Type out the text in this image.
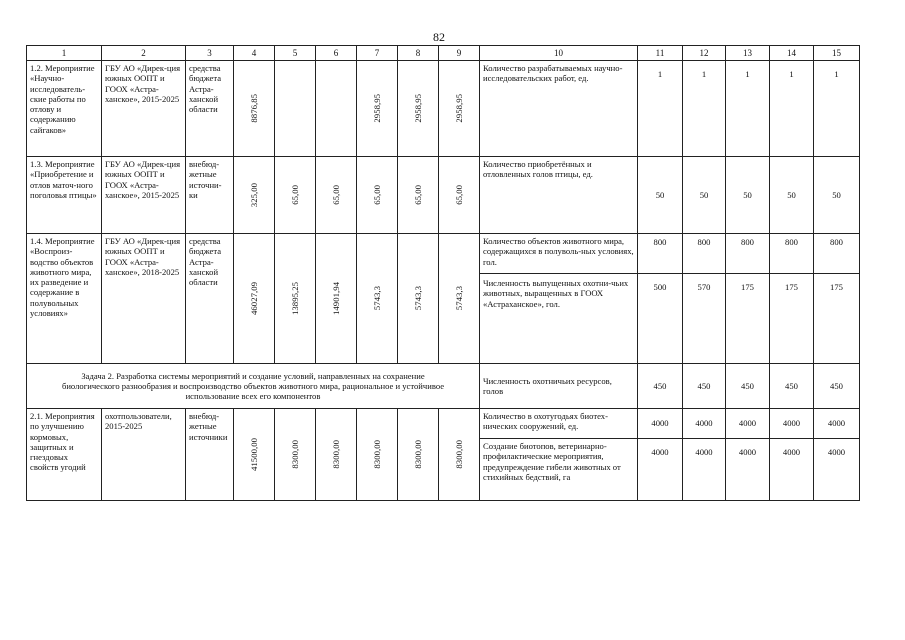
82
1	2	3	4	5	6	7	8	9	10	11	12	13	14	15
1.2. Мероприятие «Научно-исследователь-ские работы по отлову и содержанию сайгаков»	ГБУ АО «Дирек-ция южных ООПТ и ГООХ «Астра-ханское», 2015-2025	средства бюджета Астра-ханской области	8876,85			2958,95	2958,95	2958,95	Количество разрабатываемых научно-исследовательских работ, ед.	1	1	1	1	1
1.3. Мероприятие «Приобретение и отлов маточ-ного поголовья птицы»	ГБУ АО «Дирек-ция южных ООПТ и ГООХ «Астра-ханское», 2015-2025	внебюд-жетные источни-ки	325,00	65,00	65,00	65,00	65,00	65,00	Количество приобретённых и отловленных голов птицы, ед.	50	50	50	50	50
1.4. Мероприятие «Воспроиз-водство объектов животного мира, их разведение и содержание в полувольных условиях»	ГБУ АО «Дирек-ция южных ООПТ и ГООХ «Астра-ханское», 2018-2025	средства бюджета Астра-ханской области	46027,09	13895,25	14901,94	5743,3	5743,3	5743,3	Количество объектов животного мира, содержащихся в полуволь-ных условиях, гол.	800	800	800	800	800
									Численность выпущенных охотни-чьих животных, выращенных в ГООХ «Астраханское», гол.	500	570	175	175	175
Задача 2. Разработка системы мероприятий и создание условий, направленных на сохранение биологического разнообразия и воспроизводство объектов животного мира, рациональное и устойчивое использование всех его компонентов									Численность охотничьих ресурсов, голов	450	450	450	450	450
2.1. Мероприятия по улучшению кормовых, защитных и гнездовых свойств угодий	охотпользователи, 2015-2025	внебюд-жетные источники	41500,00	8300,00	8300,00	8300,00	8300,00	8300,00	Количество в охотугодьях биотех-нических сооружений, ед.	4000	4000	4000	4000	4000
									Создание биотопов, ветеринарно-профилактические мероприятия, предупреждение гибели животных от стихийных бедствий, га	4000	4000	4000	4000	4000
